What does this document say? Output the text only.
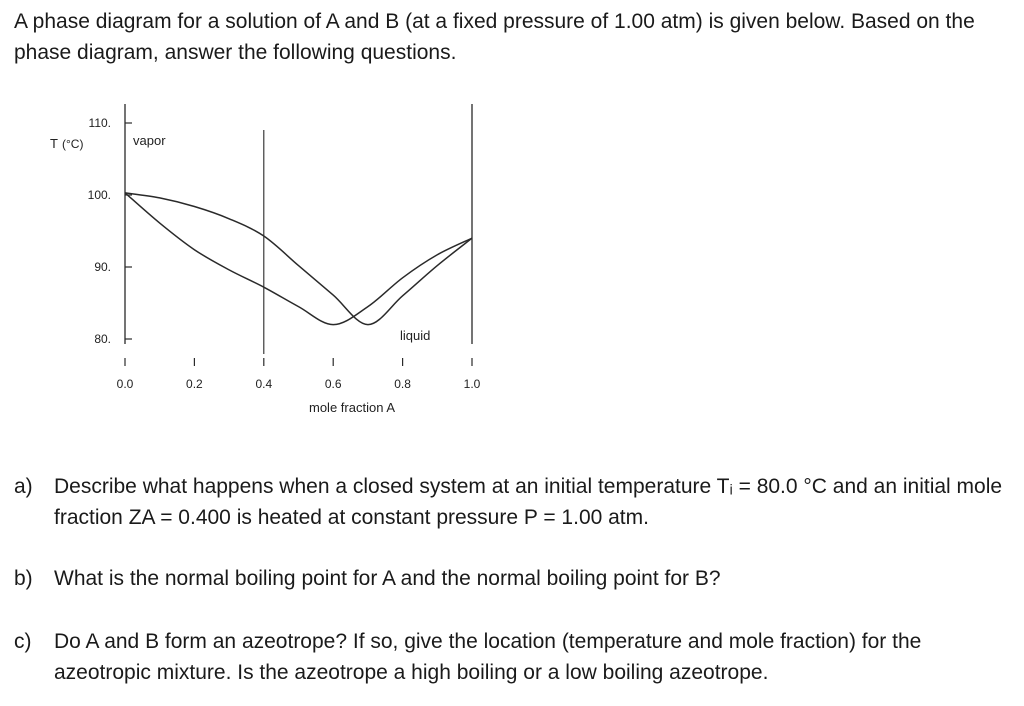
A phase diagram for a solution of A and B (at a fixed pressure of 1.00 atm) is given below. Based on the phase diagram, answer the following questions.

80.
90.
100.
110.
T (°C)
0.0	0.2	0.4	0.6	0.8	1.0
mole fraction A
vapor
liquid
a)	Describe what happens when a closed system at an initial temperature Tᵢ = 80.0 °C and an initial mole fraction ZA = 0.400 is heated at constant pressure P = 1.00 atm.
b)	What is the normal boiling point for A and the normal boiling point for B?
c)	Do A and B form an azeotrope? If so, give the location (temperature and mole fraction) for the azeotropic mixture. Is the azeotrope a high boiling or a low boiling azeotrope.
